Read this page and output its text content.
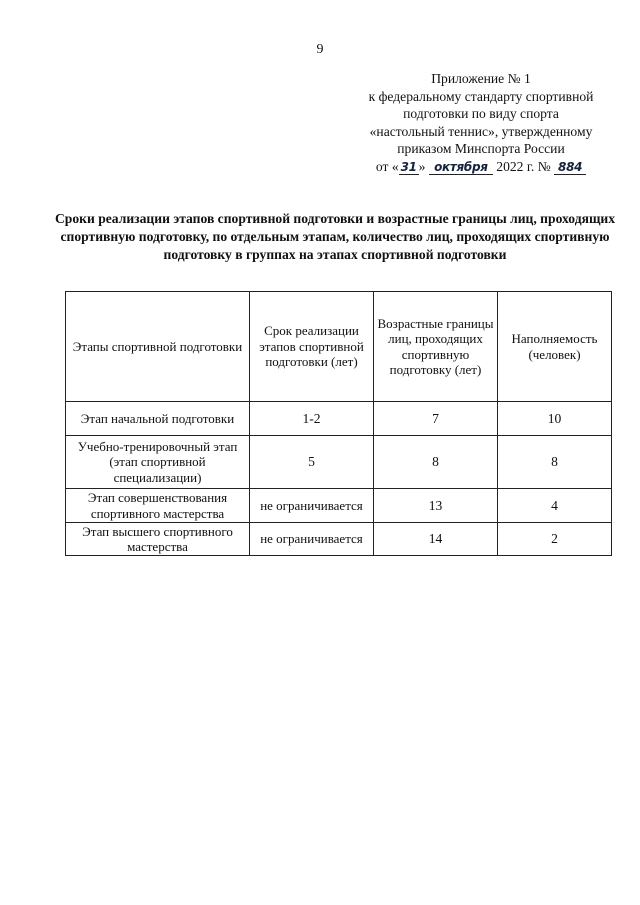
9
Приложение № 1
к федеральному стандарту спортивной
подготовки по виду спорта
«настольный теннис», утвержденному
приказом Минспорта России
от « 31 » октября 2022 г. № 884
Сроки реализации этапов спортивной подготовки и возрастные границы лиц, проходящих спортивную подготовку, по отдельным этапам, количество лиц, проходящих спортивную подготовку в группах на этапах спортивной подготовки
Этапы спортивной подготовки	Срок реализации этапов спортивной подготовки (лет)	Возрастные границы лиц, проходящих спортивную подготовку (лет)	Наполняемость (человек)
Этап начальной подготовки	1-2	7	10
Учебно-тренировочный этап (этап спортивной специализации)	5	8	8
Этап совершенствования спортивного мастерства	не ограничивается	13	4
Этап высшего спортивного мастерства	не ограничивается	14	2
